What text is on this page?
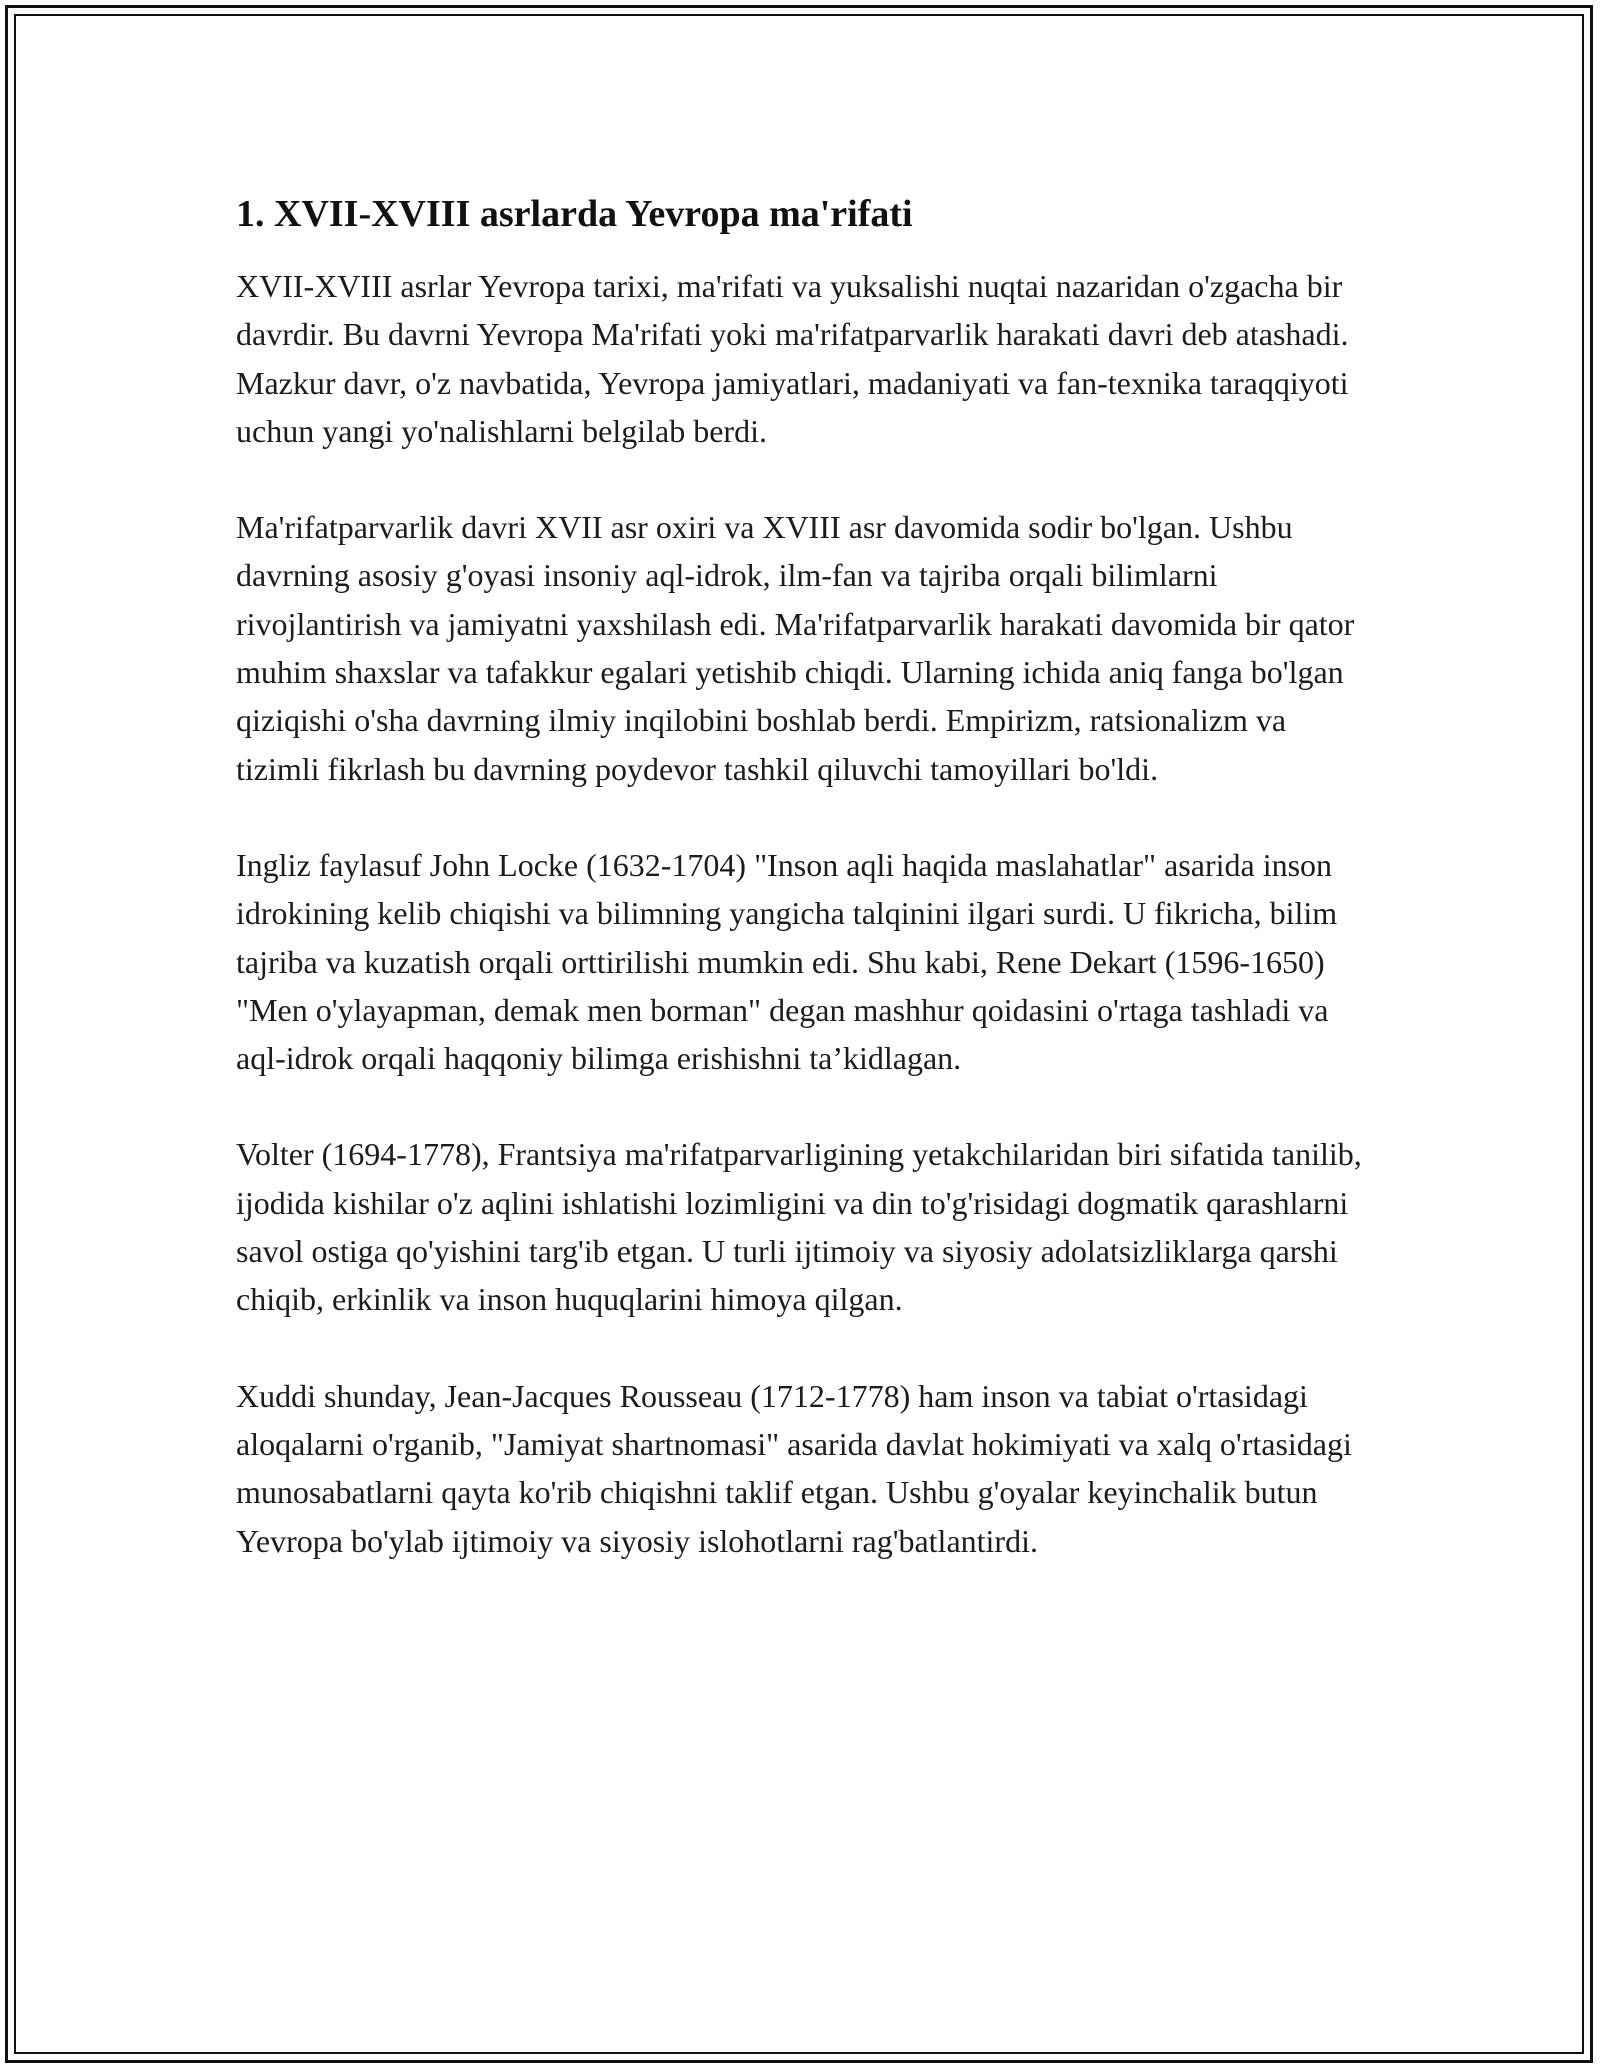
1. XVII-XVIII asrlarda Yevropa ma'rifati

XVII-XVIII asrlar Yevropa tarixi, ma'rifati va yuksalishi nuqtai nazaridan o'zgacha bir davrdir. Bu davrni Yevropa Ma'rifati yoki ma'rifatparvarlik harakati davri deb atashadi. Mazkur davr, o'z navbatida, Yevropa jamiyatlari, madaniyati va fan-texnika taraqqiyoti uchun yangi yo'nalishlarni belgilab berdi.

Ma'rifatparvarlik davri XVII asr oxiri va XVIII asr davomida sodir bo'lgan. Ushbu davrning asosiy g'oyasi insoniy aql-idrok, ilm-fan va tajriba orqali bilimlarni rivojlantirish va jamiyatni yaxshilash edi. Ma'rifatparvarlik harakati davomida bir qator muhim shaxslar va tafakkur egalari yetishib chiqdi. Ularning ichida aniq fanga bo'lgan qiziqishi o'sha davrning ilmiy inqilobini boshlab berdi. Empirizm, ratsionalizm va tizimli fikrlash bu davrning poydevor tashkil qiluvchi tamoyillari bo'ldi.

Ingliz faylasuf John Locke (1632-1704) "Inson aqli haqida maslahatlar" asarida inson idrokining kelib chiqishi va bilimning yangicha talqinini ilgari surdi. U fikricha, bilim tajriba va kuzatish orqali orttirilishi mumkin edi. Shu kabi, Rene Dekart (1596-1650) "Men o'ylayapman, demak men borman" degan mashhur qoidasini o'rtaga tashladi va aql-idrok orqali haqqoniy bilimga erishishni ta’kidlagan.

Volter (1694-1778), Frantsiya ma'rifatparvarligining yetakchilaridan biri sifatida tanilib, ijodida kishilar o'z aqlini ishlatishi lozimligini va din to'g'risidagi dogmatik qarashlarni savol ostiga qo'yishini targ'ib etgan. U turli ijtimoiy va siyosiy adolatsizliklarga qarshi chiqib, erkinlik va inson huquqlarini himoya qilgan.

Xuddi shunday, Jean-Jacques Rousseau (1712-1778) ham inson va tabiat o'rtasidagi aloqalarni o'rganib, "Jamiyat shartnomasi" asarida davlat hokimiyati va xalq o'rtasidagi munosabatlarni qayta ko'rib chiqishni taklif etgan. Ushbu g'oyalar keyinchalik butun Yevropa bo'ylab ijtimoiy va siyosiy islohotlarni rag'batlantirdi.
